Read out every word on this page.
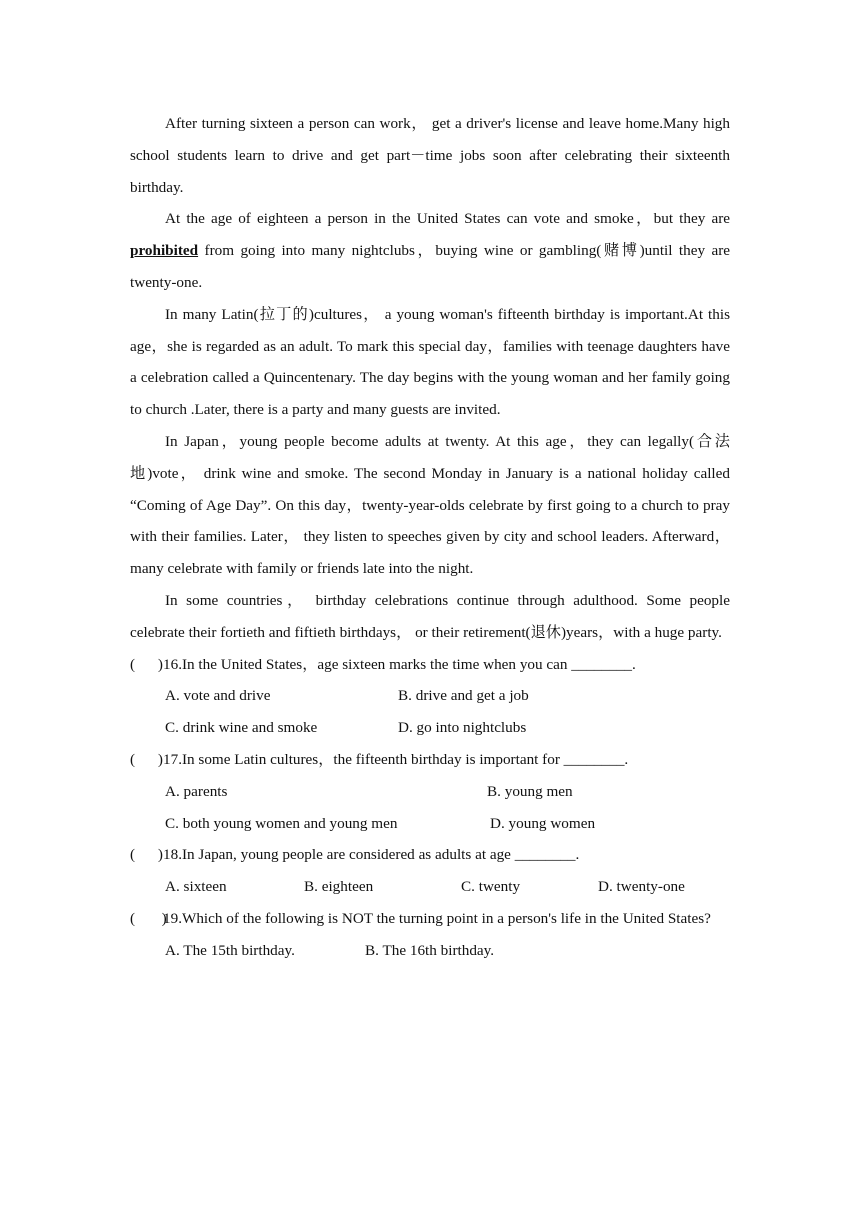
After turning sixteen a person can work， get a driver's license and leave home.Many high school students learn to drive and get part－time jobs soon after celebrating their sixteenth birthday.

At the age of eighteen a person in the United States can vote and smoke，but they are prohibited from going into many nightclubs，buying wine or gambling(赌博)until they are twenty-one.

In many Latin(拉丁的)cultures， a young woman's fifteenth birthday is important.At this age，she is regarded as an adult. To mark this special day，families with teenage daughters have a celebration called a Quincentenary. The day begins with the young woman and her family going to church .Later, there is a party and many guests are invited.

In Japan，young people become adults at twenty. At this age，they can legally(合法地)vote， drink wine and smoke. The second Monday in January is a national holiday called “Coming of Age Day”. On this day，twenty-year-olds celebrate by first going to a church to pray with their families. Later， they listen to speeches given by city and school leaders. Afterward，many celebrate with family or friends late into the night.

In some countries， birthday celebrations continue through adulthood. Some people celebrate their fortieth and fiftieth birthdays， or their retirement(退休)years，with a huge party.

(      )16.In the United States，age sixteen marks the time when you can ________.

A. vote and drive	B. drive and get a job
C. drink wine and smoke	D. go into nightclubs

(      )17.In some Latin cultures，the fifteenth birthday is important for ________.

A. parents	B. young men
C. both young women and young men	D. young women

(      )18.In Japan, young people are considered as adults at age ________.

A. sixteen	B. eighteen	C. twenty	D. twenty-one

(       )19.Which of the following is NOT the turning point in a person's life in the United States?

A. The 15th birthday.	B. The 16th birthday.
